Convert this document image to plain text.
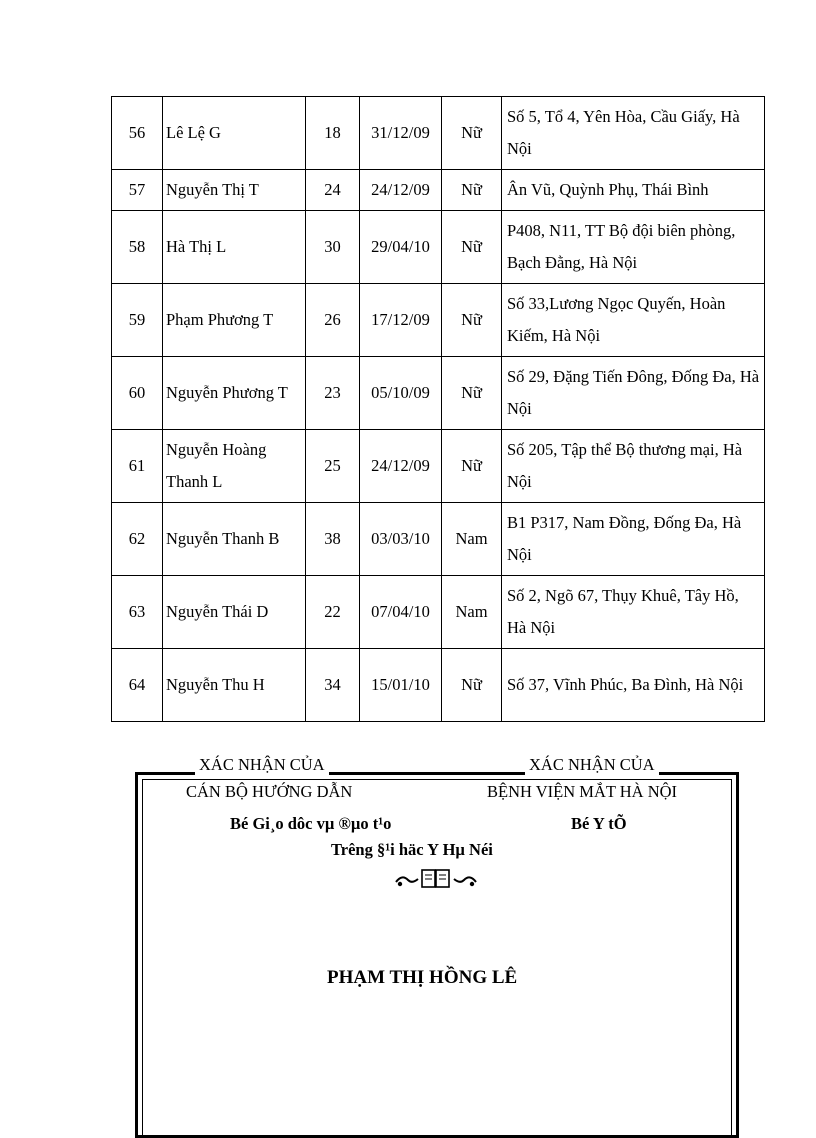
56	Lê Lệ G	18	31/12/09	Nữ	Số 5, Tổ 4, Yên Hòa, Cầu Giấy, Hà Nội
57	Nguyễn Thị T	24	24/12/09	Nữ	Ân Vũ, Quỳnh Phụ, Thái Bình
58	Hà Thị L	30	29/04/10	Nữ	P408, N11, TT Bộ đội biên phòng, Bạch Đằng, Hà Nội
59	Phạm Phương T	26	17/12/09	Nữ	Số 33,Lương Ngọc Quyến, Hoàn Kiếm, Hà Nội
60	Nguyễn Phương T	23	05/10/09	Nữ	Số 29, Đặng Tiến Đông, Đống Đa, Hà Nội
61	Nguyễn Hoàng Thanh L	25	24/12/09	Nữ	Số 205, Tập thể Bộ thương mại, Hà Nội
62	Nguyễn Thanh B	38	03/03/10	Nam	B1 P317, Nam Đồng, Đống Đa, Hà Nội
63	Nguyễn Thái D	22	07/04/10	Nam	Số 2, Ngõ 67, Thụy Khuê, Tây Hồ, Hà Nội
64	Nguyễn Thu H	34	15/01/10	Nữ	Số 37, Vĩnh Phúc, Ba Đình, Hà Nội
XÁC NHẬN CỦA	XÁC NHẬN CỦA
CÁN BỘ HƯỚNG DẪN	BỆNH VIỆN MẮT HÀ NỘI
Bé Gi¸o dôc vµ ®µo t¹o	Bé Y tÕ
Trêng §¹i häc Y Hµ Néi
PHẠM THỊ HỒNG LÊ
